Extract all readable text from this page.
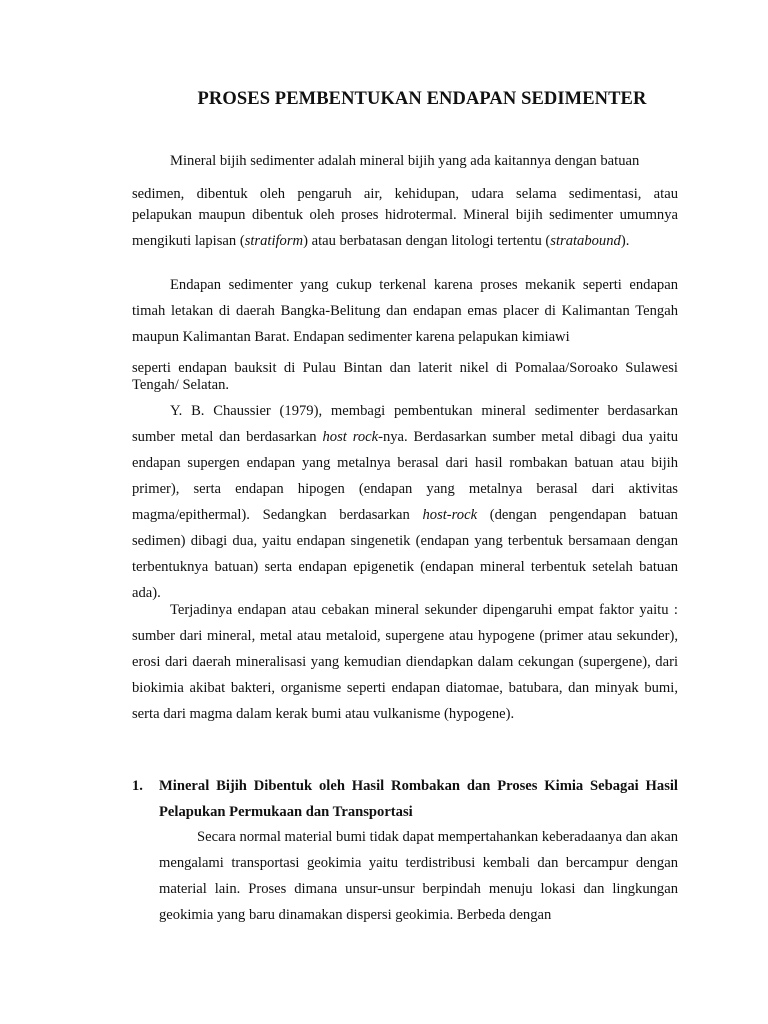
PROSES PEMBENTUKAN ENDAPAN SEDIMENTER

Mineral bijih sedimenter adalah mineral bijih yang ada kaitannya dengan batuan

sedimen, dibentuk oleh pengaruh air, kehidupan, udara selama sedimentasi, atau

pelapukan maupun dibentuk oleh proses hidrotermal. Mineral bijih sedimenter umumnya mengikuti lapisan (stratiform) atau berbatasan dengan litologi tertentu (stratabound).

Endapan sedimenter yang cukup terkenal karena proses mekanik seperti endapan timah letakan di daerah Bangka-Belitung dan endapan emas placer di Kalimantan Tengah maupun Kalimantan Barat. Endapan sedimenter karena pelapukan kimiawi

seperti endapan bauksit di Pulau Bintan dan laterit nikel di Pomalaa/Soroako Sulawesi Tengah/ Selatan.

Y. B. Chaussier (1979), membagi pembentukan mineral sedimenter berdasarkan sumber metal dan berdasarkan host rock-nya. Berdasarkan sumber metal dibagi dua yaitu endapan supergen endapan yang metalnya berasal dari hasil rombakan batuan atau bijih primer), serta endapan hipogen (endapan yang metalnya berasal dari aktivitas magma/epithermal). Sedangkan berdasarkan host-rock (dengan pengendapan batuan sedimen) dibagi dua, yaitu endapan singenetik (endapan yang terbentuk bersamaan dengan terbentuknya batuan) serta endapan epigenetik (endapan mineral terbentuk setelah batuan ada).

Terjadinya endapan atau cebakan mineral sekunder dipengaruhi empat faktor yaitu : sumber dari mineral, metal atau metaloid, supergene atau hypogene (primer atau sekunder), erosi dari daerah mineralisasi yang kemudian diendapkan dalam cekungan (supergene), dari biokimia akibat bakteri, organisme seperti endapan diatomae, batubara, dan minyak bumi, serta dari magma dalam kerak bumi atau vulkanisme (hypogene).

1. Mineral Bijih Dibentuk oleh Hasil Rombakan dan Proses Kimia Sebagai Hasil Pelapukan Permukaan dan Transportasi

Secara normal material bumi tidak dapat mempertahankan keberadaanya dan akan mengalami transportasi geokimia yaitu terdistribusi kembali dan bercampur dengan material lain. Proses dimana unsur-unsur berpindah menuju lokasi dan lingkungan geokimia yang baru dinamakan dispersi geokimia. Berbeda dengan
